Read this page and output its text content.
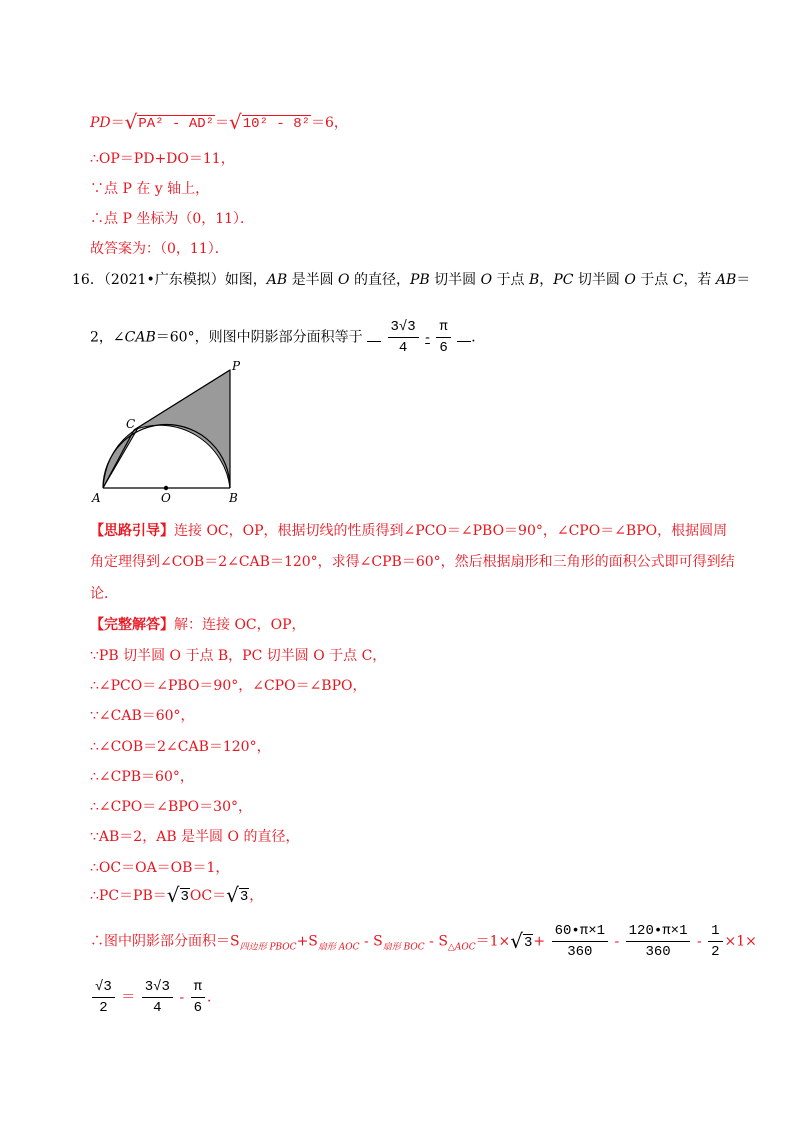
PD＝√PA² - AD²＝√10² - 8²＝6，
∴OP＝PD+DO＝11，
∵点 P 在 y 轴上，
∴点 P 坐标为（0，11）．
故答案为：（0，11）．
16．（2021•广东模拟）如图，AB 是半圆 O 的直径，PB 切半圆 O 于点 B，PC 切半圆 O 于点 C，若 AB＝
2，∠CAB＝60°，则图中阴影部分面积等于 $\frac{3√3}{4} - \frac{\pi}{6}$ ．
A	O	B
C
P
【思路引导】连接 OC，OP，根据切线的性质得到∠PCO＝∠PBO＝90°，∠CPO＝∠BPO，根据圆周
角定理得到∠COB＝2∠CAB＝120°，求得∠CPB＝60°，然后根据扇形和三角形的面积公式即可得到结
论．
【完整解答】解：连接 OC，OP，
∵PB 切半圆 O 于点 B，PC 切半圆 O 于点 C，
∴∠PCO＝∠PBO＝90°，∠CPO＝∠BPO，
∵∠CAB＝60°，
∴∠COB＝2∠CAB＝120°，
∴∠CPB＝60°，
∴∠CPO＝∠BPO＝30°，
∵AB＝2，AB 是半圆 O 的直径，
∴OC＝OA＝OB＝1，
∴PC＝PB＝√3OC＝√3，
∴图中阴影部分面积$=S_{四边形 PBOC}+S_{扇形 AOC} - S_{扇形 BOC} - S_{\triangle AOC}=1\times√3+ \frac{60•\pi\times 1}{360} - \frac{120•\pi\times 1}{360} - \frac{1}{2} \times 1\times$
$\frac{√3}{2} = \frac{3√3}{4} - \frac{\pi}{6}$ ．
